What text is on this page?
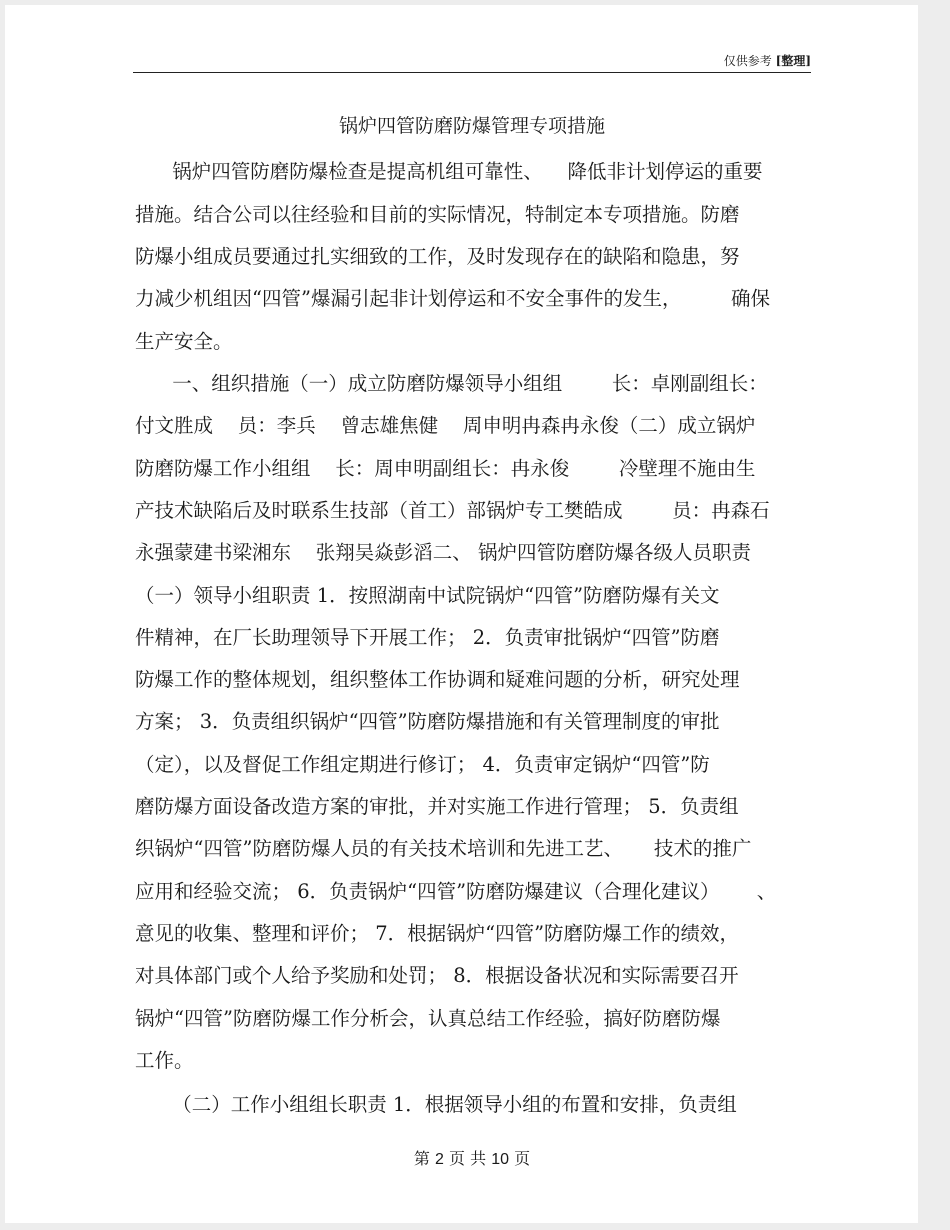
仅供参考 [整理]
锅炉四管防磨防爆管理专项措施
锅炉四管防磨防爆检查是提高机组可靠性、    降低非计划停运的重要
措施。结合公司以往经验和目前的实际情况，特制定本专项措施。防磨
防爆小组成员要通过扎实细致的工作，及时发现存在的缺陷和隐患，努
力减少机组因“四管”爆漏引起非计划停运和不安全事件的发生，        确保
生产安全。
一、组织措施（一）成立防磨防爆领导小组组        长：卓刚副组长：
付文胜成    员：李兵    曾志雄焦健    周申明冉森冉永俊（二）成立锅炉
防磨防爆工作小组组    长：周申明副组长：冉永俊        冷壁理不施由生
产技术缺陷后及时联系生技部（首工）部锅炉专工樊皓成        员：冉森石
永强蒙建书梁湘东    张翔吴焱彭滔二、 锅炉四管防磨防爆各级人员职责
（一）领导小组职责 1．按照湖南中试院锅炉“四管”防磨防爆有关文
件精神，在厂长助理领导下开展工作； 2．负责审批锅炉“四管”防磨
防爆工作的整体规划，组织整体工作协调和疑难问题的分析，研究处理
方案； 3．负责组织锅炉“四管”防磨防爆措施和有关管理制度的审批
（定），以及督促工作组定期进行修订； 4．负责审定锅炉“四管”防
磨防爆方面设备改造方案的审批，并对实施工作进行管理； 5．负责组
织锅炉“四管”防磨防爆人员的有关技术培训和先进工艺、     技术的推广
应用和经验交流； 6．负责锅炉“四管”防磨防爆建议（合理化建议）      、
意见的收集、整理和评价； 7．根据锅炉“四管”防磨防爆工作的绩效，
对具体部门或个人给予奖励和处罚； 8．根据设备状况和实际需要召开
锅炉“四管”防磨防爆工作分析会，认真总结工作经验，搞好防磨防爆
工作。
（二）工作小组组长职责 1．根据领导小组的布置和安排，负责组
第 2 页 共 10 页
